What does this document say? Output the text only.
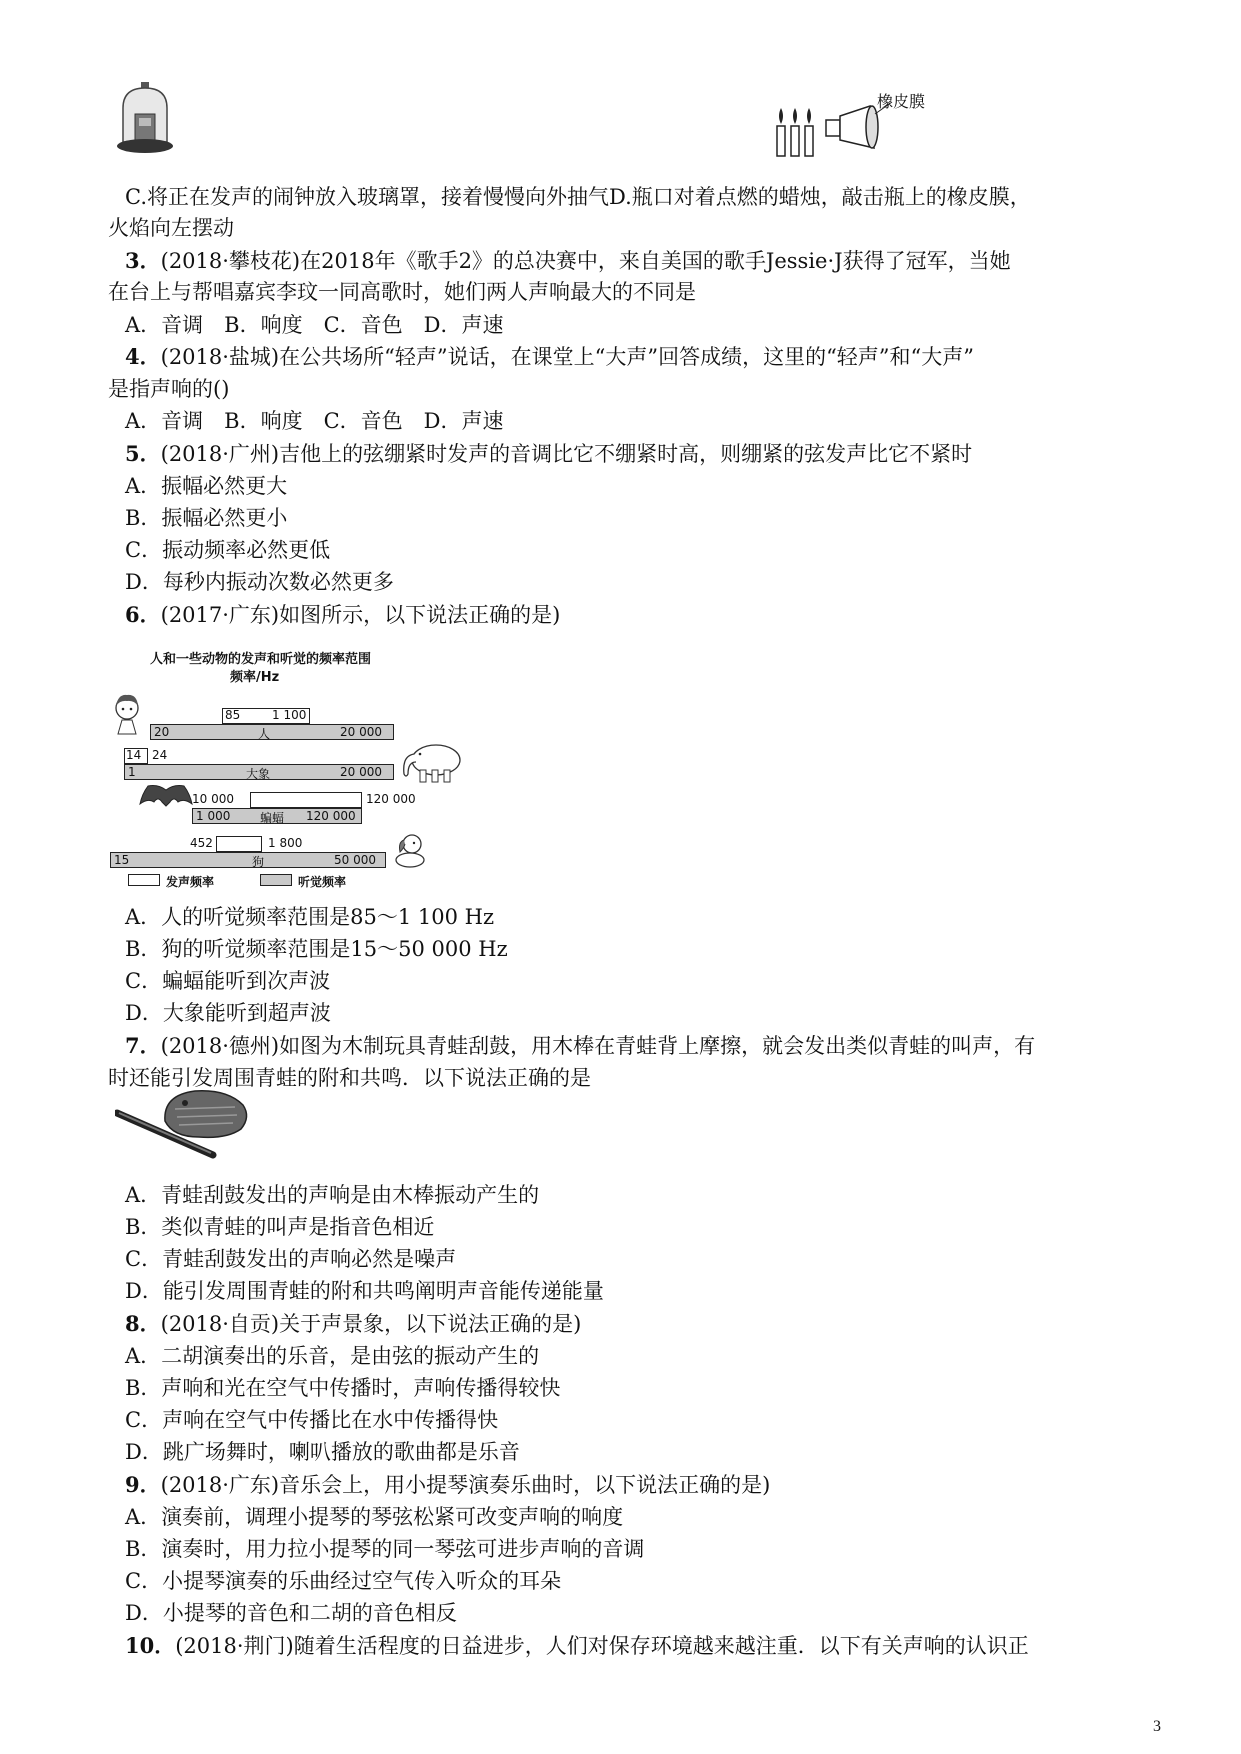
橡皮膜
C.将正在发声的闹钟放入玻璃罩，接着慢慢向外抽气D.瓶口对着点燃的蜡烛，敲击瓶上的橡皮膜，
火焰向左摆动
3．(2018·攀枝花)在2018年《歌手2》的总决赛中，来自美国的歌手Jessie·J获得了冠军，当她
在台上与帮唱嘉宾李玟一同高歌时，她们两人声响最大的不同是
A．音调　B．响度　C．音色　D．声速
4．(2018·盐城)在公共场所“轻声”说话，在课堂上“大声”回答成绩，这里的“轻声”和“大声”
是指声响的()
A．音调　B．响度　C．音色　D．声速
5．(2018·广州)吉他上的弦绷紧时发声的音调比它不绷紧时高，则绷紧的弦发声比它不紧时
A．振幅必然更大
B．振幅必然更小
C．振动频率必然更低
D．每秒内振动次数必然更多
6．(2017·广东)如图所示，以下说法正确的是)
人和一些动物的发声和听觉的频率范围
频率/Hz
85	1 100
20	人	20 000
14 24
1	大象	20 000
10 000	120 000
1 000 蝙蝠 120 000
452	1 800
15	狗	50 000
发声频率	听觉频率
A．人的听觉频率范围是85～1 100 Hz
B．狗的听觉频率范围是15～50 000 Hz
C．蝙蝠能听到次声波
D．大象能听到超声波
7．(2018·德州)如图为木制玩具青蛙刮鼓，用木棒在青蛙背上摩擦，就会发出类似青蛙的叫声，有
时还能引发周围青蛙的附和共鸣．以下说法正确的是
A．青蛙刮鼓发出的声响是由木棒振动产生的
B．类似青蛙的叫声是指音色相近
C．青蛙刮鼓发出的声响必然是噪声
D．能引发周围青蛙的附和共鸣阐明声音能传递能量
8．(2018·自贡)关于声景象，以下说法正确的是)
A．二胡演奏出的乐音，是由弦的振动产生的
B．声响和光在空气中传播时，声响传播得较快
C．声响在空气中传播比在水中传播得快
D．跳广场舞时，喇叭播放的歌曲都是乐音
9．(2018·广东)音乐会上，用小提琴演奏乐曲时，以下说法正确的是)
A．演奏前，调理小提琴的琴弦松紧可改变声响的响度
B．演奏时，用力拉小提琴的同一琴弦可进步声响的音调
C．小提琴演奏的乐曲经过空气传入听众的耳朵
D．小提琴的音色和二胡的音色相反
10．(2018·荆门)随着生活程度的日益进步，人们对保存环境越来越注重．以下有关声响的认识正
3
